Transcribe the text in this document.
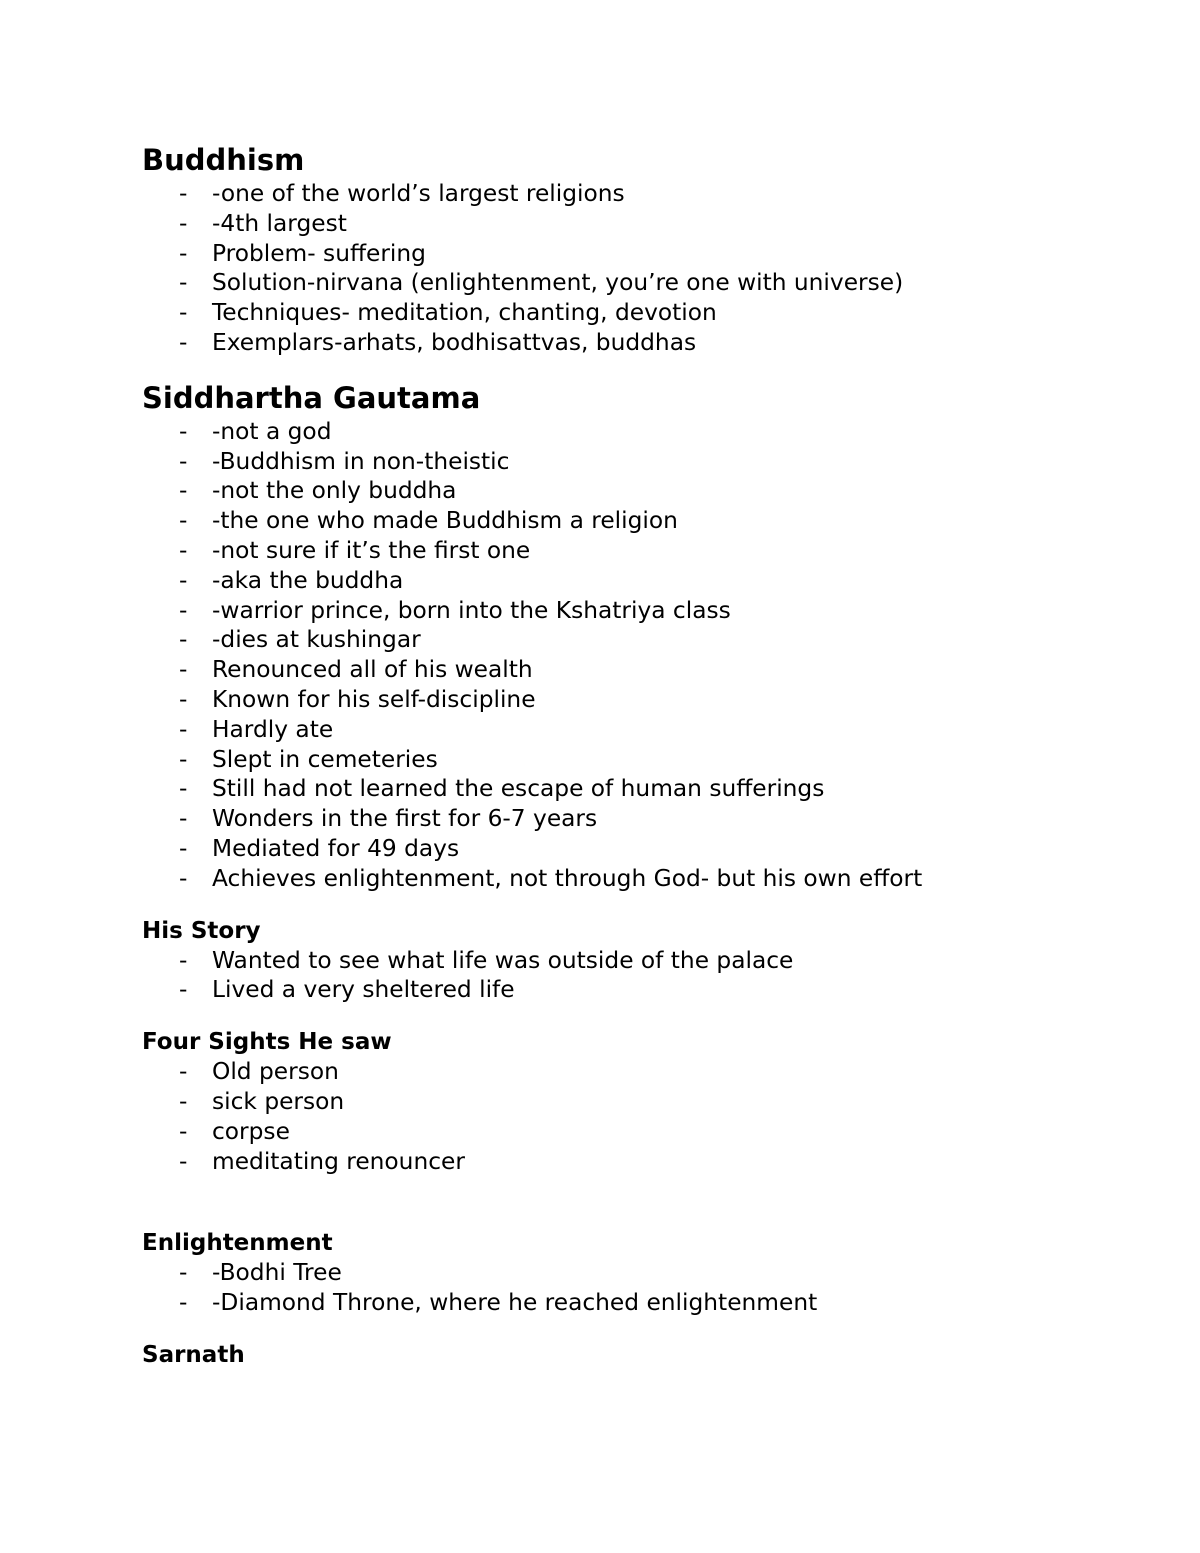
Buddhism
- -one of the world’s largest religions
- -4th largest
- Problem- suffering
- Solution-nirvana (enlightenment, you’re one with universe)
- Techniques- meditation, chanting, devotion
- Exemplars-arhats, bodhisattvas, buddhas
Siddhartha Gautama
- -not a god
- -Buddhism in non-theistic
- -not the only buddha
- -the one who made Buddhism a religion
- -not sure if it’s the first one
- -aka the buddha
- -warrior prince, born into the Kshatriya class
- -dies at kushingar
- Renounced all of his wealth
- Known for his self-discipline
- Hardly ate
- Slept in cemeteries
- Still had not learned the escape of human sufferings
- Wonders in the first for 6-7 years
- Mediated for 49 days
- Achieves enlightenment, not through God- but his own effort
His Story
- Wanted to see what life was outside of the palace
- Lived a very sheltered life
Four Sights He saw
- Old person
- sick person
- corpse
- meditating renouncer
Enlightenment
- -Bodhi Tree
- -Diamond Throne, where he reached enlightenment
Sarnath
